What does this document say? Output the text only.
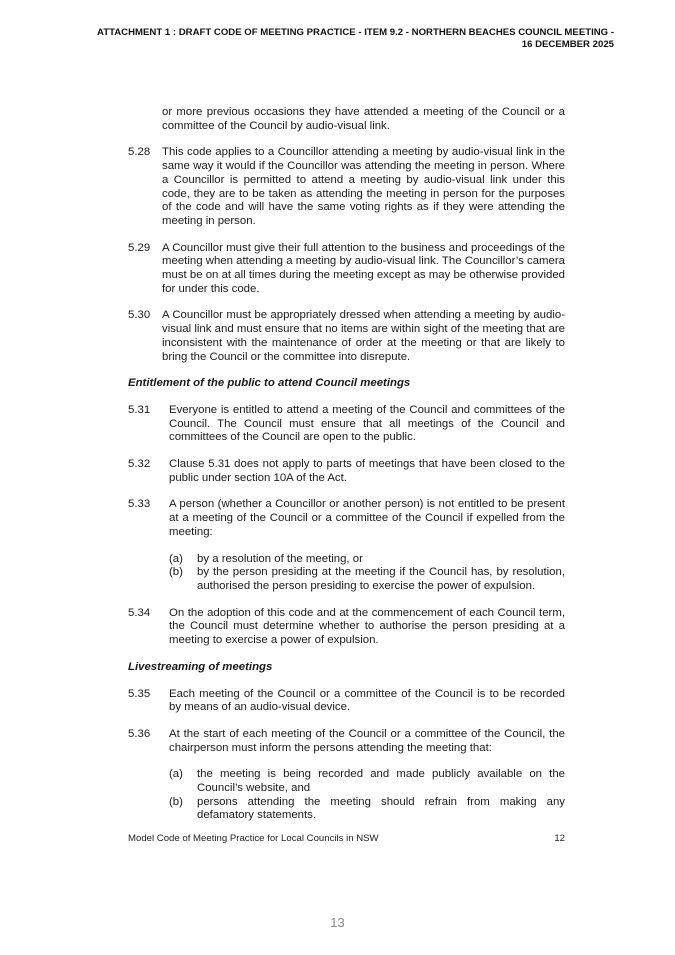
ATTACHMENT 1 : DRAFT CODE OF MEETING PRACTICE - ITEM 9.2 - NORTHERN BEACHES COUNCIL MEETING -
16 DECEMBER 2025
or more previous occasions they have attended a meeting of the Council or a committee of the Council by audio-visual link.
5.28	This code applies to a Councillor attending a meeting by audio-visual link in the same way it would if the Councillor was attending the meeting in person. Where a Councillor is permitted to attend a meeting by audio-visual link under this code, they are to be taken as attending the meeting in person for the purposes of the code and will have the same voting rights as if they were attending the meeting in person.
5.29	A Councillor must give their full attention to the business and proceedings of the meeting when attending a meeting by audio-visual link. The Councillor’s camera must be on at all times during the meeting except as may be otherwise provided for under this code.
5.30	A Councillor must be appropriately dressed when attending a meeting by audio-visual link and must ensure that no items are within sight of the meeting that are inconsistent with the maintenance of order at the meeting or that are likely to bring the Council or the committee into disrepute.
Entitlement of the public to attend Council meetings
5.31	Everyone is entitled to attend a meeting of the Council and committees of the Council. The Council must ensure that all meetings of the Council and committees of the Council are open to the public.
5.32	Clause 5.31 does not apply to parts of meetings that have been closed to the public under section 10A of the Act.
5.33	A person (whether a Councillor or another person) is not entitled to be present at a meeting of the Council or a committee of the Council if expelled from the meeting:
(a)	by a resolution of the meeting, or
(b)	by the person presiding at the meeting if the Council has, by resolution, authorised the person presiding to exercise the power of expulsion.
5.34	On the adoption of this code and at the commencement of each Council term, the Council must determine whether to authorise the person presiding at a meeting to exercise a power of expulsion.
Livestreaming of meetings
5.35	Each meeting of the Council or a committee of the Council is to be recorded by means of an audio-visual device.
5.36	At the start of each meeting of the Council or a committee of the Council, the chairperson must inform the persons attending the meeting that:
(a)	the meeting is being recorded and made publicly available on the Council’s website, and
(b)	persons attending the meeting should refrain from making any defamatory statements.
Model Code of Meeting Practice for Local Councils in NSW	12
13
